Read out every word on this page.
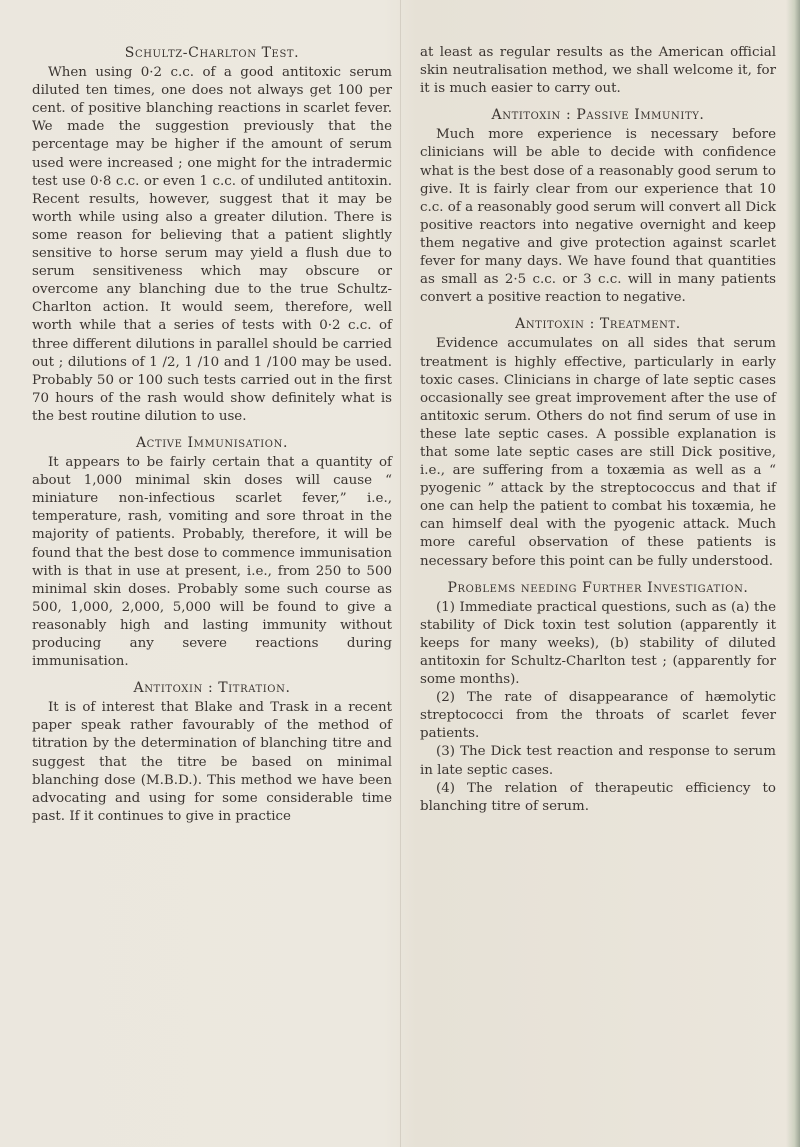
Schultz-Charlton Test.

When using 0·2 c.c. of a good antitoxic serum diluted ten times, one does not always get 100 per cent. of positive blanching reactions in scarlet fever. We made the suggestion previously that the percentage may be higher if the amount of serum used were increased ; one might for the intradermic test use 0·8 c.c. or even 1 c.c. of undiluted antitoxin. Recent results, however, suggest that it may be worth while using also a greater dilution. There is some reason for believing that a patient slightly sensitive to horse serum may yield a flush due to serum sensitiveness which may obscure or overcome any blanching due to the true Schultz-Charlton action. It would seem, therefore, well worth while that a series of tests with 0·2 c.c. of three different dilutions in parallel should be carried out ; dilutions of 1 /2, 1 /10 and 1 /100 may be used. Probably 50 or 100 such tests carried out in the first 70 hours of the rash would show definitely what is the best routine dilution to use.

Active Immunisation.

It appears to be fairly certain that a quantity of about 1,000 minimal skin doses will cause “ miniature non-infectious scarlet fever,” i.e., temperature, rash, vomiting and sore throat in the majority of patients. Probably, therefore, it will be found that the best dose to commence immunisation with is that in use at present, i.e., from 250 to 500 minimal skin doses. Probably some such course as 500, 1,000, 2,000, 5,000 will be found to give a reasonably high and lasting immunity without producing any severe reactions during immunisation.

Antitoxin : Titration.

It is of interest that Blake and Trask in a recent paper speak rather favourably of the method of titration by the determination of blanching titre and suggest that the titre be based on minimal blanching dose (M.B.D.). This method we have been advocating and using for some considerable time past. If it continues to give in practice

at least as regular results as the American official skin neutralisation method, we shall welcome it, for it is much easier to carry out.

Antitoxin : Passive Immunity.

Much more experience is necessary before clinicians will be able to decide with confidence what is the best dose of a reasonably good serum to give. It is fairly clear from our experience that 10 c.c. of a reasonably good serum will convert all Dick positive reactors into negative overnight and keep them negative and give protection against scarlet fever for many days. We have found that quantities as small as 2·5 c.c. or 3 c.c. will in many patients convert a positive reaction to negative.

Antitoxin : Treatment.

Evidence accumulates on all sides that serum treatment is highly effective, particularly in early toxic cases. Clinicians in charge of late septic cases occasionally see great improvement after the use of antitoxic serum. Others do not find serum of use in these late septic cases. A possible explanation is that some late septic cases are still Dick positive, i.e., are suffering from a toxæmia as well as a “ pyogenic ” attack by the streptococcus and that if one can help the patient to combat his toxæmia, he can himself deal with the pyogenic attack. Much more careful observation of these patients is necessary before this point can be fully understood.

Problems needing Further Investigation.

(1) Immediate practical questions, such as (a) the stability of Dick toxin test solution (apparently it keeps for many weeks), (b) stability of diluted antitoxin for Schultz-Charlton test ; (apparently for some months).

(2) The rate of disappearance of hæmolytic streptococci from the throats of scarlet fever patients.

(3) The Dick test reaction and response to serum in late septic cases.

(4) The relation of therapeutic efficiency to blanching titre of serum.
